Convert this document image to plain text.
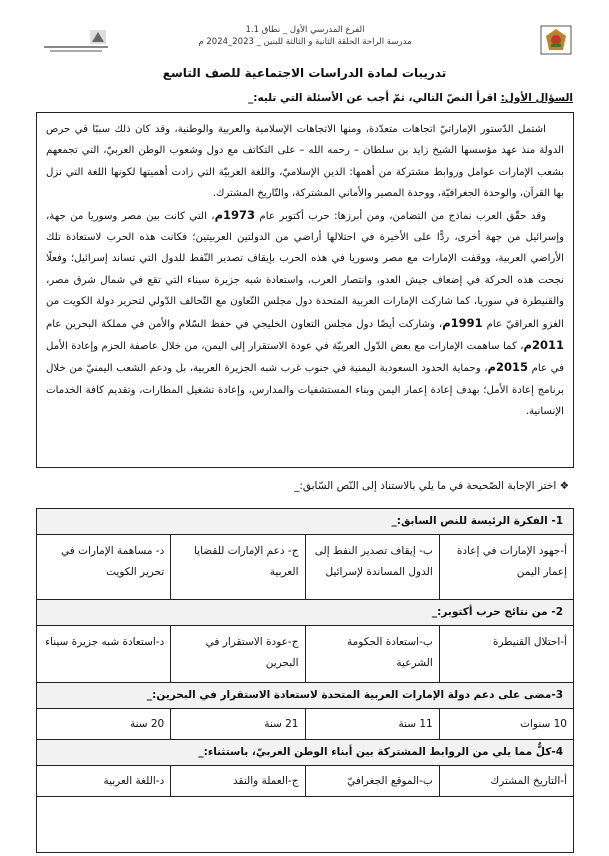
الفرع المدرسي الأول _ نطاق 1.1
مدرسة الراحة الحلقة الثانية و الثالثة للبنين _ 2023_2024 م
تدريبات لمادة الدراسات الاجتماعية للصف التاسع
السؤال الأول: اقرأ النصّ التالي، ثمّ أجب عن الأسئلة التي تليه:_

اشتمل الدّستور الإماراتيّ اتجاهات متعدّدة، ومنها الاتجاهات الإسلامية والعربية والوطنية، وقد كان ذلك سببًا في حرص الدولة منذ عهد مؤسسها الشيخ زايد بن سلطان – رحمه الله – على التكاتف مع دول وشعوب الوطن العربيّ، التي تجمعهم بشعب الإمارات عوامل وروابط مشتركة من أهمها: الدين الإسلاميّ، واللغة العربيّة التي زادت أهميتها لكونها اللغة التي نزل بها القرآن، والوحدة الجغرافيّة، ووحدة المصير والأماني المشتركة، والتّاريخ المشترك.

وقد حقّق العرب نماذج من التضامن، ومن أبرزها: حرب أكتوبر عام 1973م، التي كانت بين مصر وسوريا من جهة، وإسرائيل من جهة أخرى، ردًّا على الأخيرة في احتلالها أراضي من الدولتين العربيتين؛ فكانت هذه الحرب لاستعادة تلك الأراضي العربية، ووقفت الإمارات مع مصر وسوريا في هذه الحرب بإيقاف تصدير النّفط للدول التي تساند إسرائيل؛ وفعلًا نجحت هذه الحركة في إضعاف جيش العدو، وانتصار العرب، واستعادة شبه جزيرة سيناء التي تقع في شمال شرق مصر، والقنيطرة في سوريا، كما شاركت الإمارات العربية المتحدة دول مجلس التّعاون مع التّحالف الدّولي لتحرير دولة الكويت من الغزو العراقيّ عام 1991م، وشاركت أيضًا دول مجلس التعاون الخليجي في حفظ السّلام والأمن في مملكة البحرين عام 2011م، كما ساهمت الإمارات مع بعض الدّول العربيّة في عودة الاستقرار إلى اليمن، من خلال عاصفة الحزم وإعادة الأمل في عام 2015م، وحماية الحدود السعودية اليمنية في جنوب غرب شبه الجزيرة العربية، بل ودعم الشعب اليمنيّ من خلال برنامج إعادة الأمل؛ بهدف إعادة إعمار اليمن وبناء المستشفيات والمدارس، وإعادة تشغيل المطارات، وتقديم كافة الخدمات الإنسانية.

❖ اختر الإجابة الصّحيحة في ما يلي بالاستناد إلى النّص السّابق:_
1- الفكرة الرئيسة للنص السابق:_
أ-جهود الإمارات في إعادة إعمار اليمن
ب- إيقاف تصدير النفط إلى الدول المساندة لإسرائيل
ج- دعم الإمارات للقضايا العربية
د- مساهمة الإمارات في تحرير الكويت
2- من نتائج حرب أكتوبر:_
أ-احتلال القنيطرة
ب-استعادة الحكومة الشرعية
ج-عودة الاستقرار في البحرين
د-استعادة شبه جزيرة سيناء
3-مضى على دعم دولة الإمارات العربية المتحدة لاستعادة الاستقرار في البحرين:_
10 سنوات
11 سنة
21 سنة
20 سنة
4-كلٌّ مما يلي من الروابط المشتركة بين أبناء الوطن العربيّ، باستثناء:_
أ-التاريخ المشترك
ب-الموقع الجغرافيّ
ج-العملة والنقد
د-اللغة العربية
